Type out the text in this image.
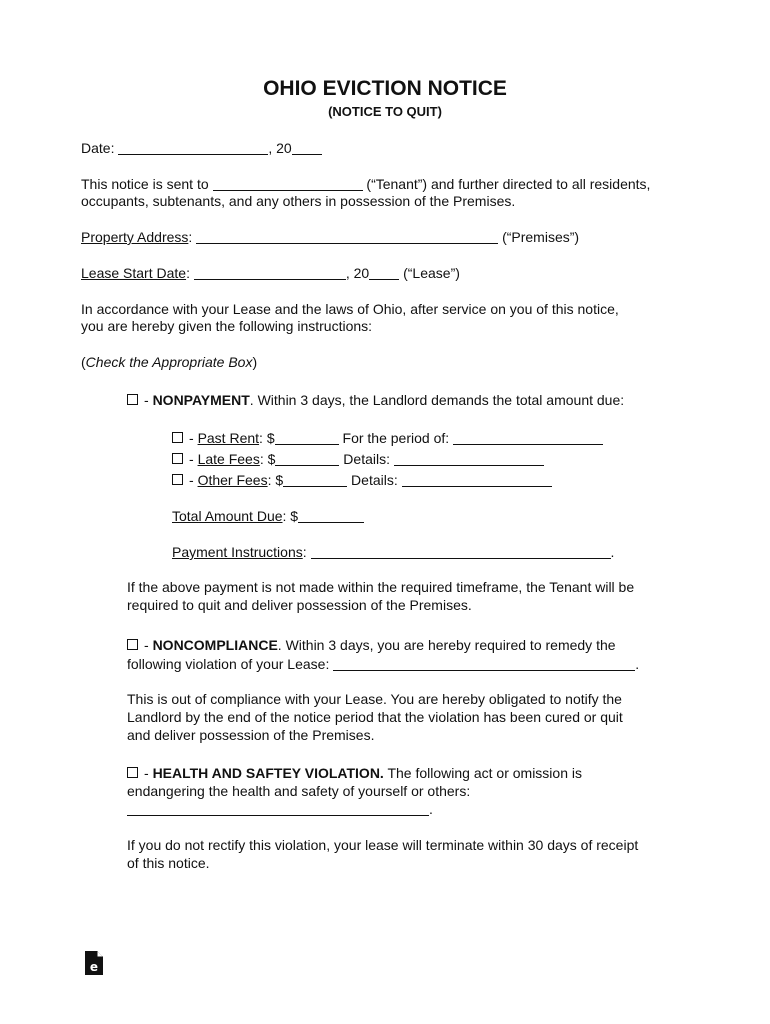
OHIO EVICTION NOTICE
(NOTICE TO QUIT)
Date:	, 20
This notice is sent to	(“Tenant”) and further directed to all residents,
occupants, subtenants, and any others in possession of the Premises.
Property Address:	(“Premises”)
Lease Start Date:	, 20 (“Lease”)
In accordance with your Lease and the laws of Ohio, after service on you of this notice,
you are hereby given the following instructions:
(Check the Appropriate Box)
- NONPAYMENT. Within 3 days, the Landlord demands the total amount due:
- Past Rent: $	For the period of:
- Late Fees: $	Details:
- Other Fees: $	Details:
Total Amount Due: $
Payment Instructions:	.
If the above payment is not made within the required timeframe, the Tenant will be
required to quit and deliver possession of the Premises.
- NONCOMPLIANCE. Within 3 days, you are hereby required to remedy the
following violation of your Lease:	.
This is out of compliance with your Lease. You are hereby obligated to notify the
Landlord by the end of the notice period that the violation has been cured or quit
and deliver possession of the Premises.
- HEALTH AND SAFTEY VIOLATION. The following act or omission is
endangering the health and safety of yourself or others:
.
If you do not rectify this violation, your lease will terminate within 30 days of receipt
of this notice.
e
